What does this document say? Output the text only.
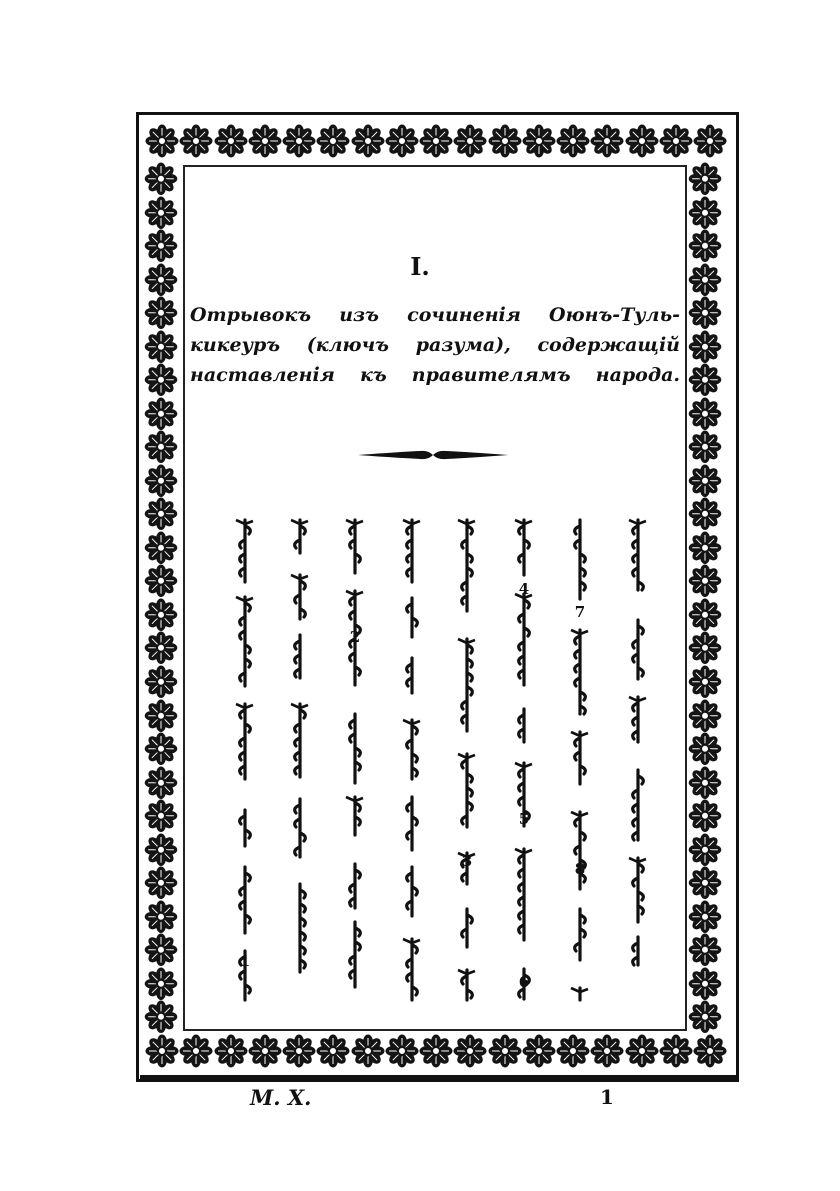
I.
Отрывокъ изъ сочиненія Оюнъ-Туль-
кикеуръ (ключъ разума), содержащій
наставленія къ правителямъ народа.
1
2
3
4
5
6
7
8
М. Х.	1
